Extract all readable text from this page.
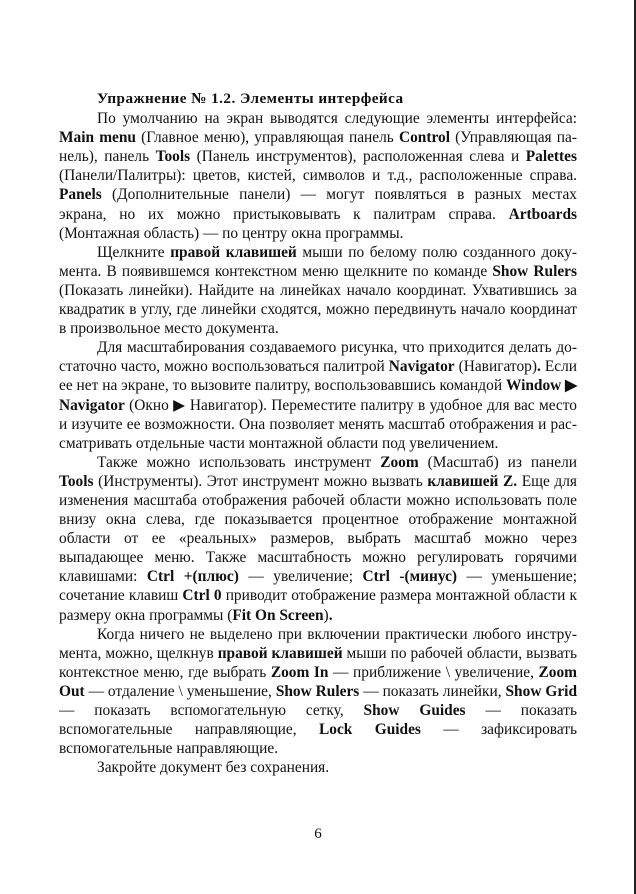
Упражнение № 1.2. Элементы интерфейса

По умолчанию на экран выводятся следующие элементы интерфейса: Main menu (Главное меню), управляющая панель Control (Управляющая панель), панель Tools (Панель инструментов), расположенная слева и Palettes (Панели/Палитры): цветов, кистей, символов и т.д., расположенные справа. Panels (Дополнительные панели) — могут появляться в разных местах экрана, но их можно пристыковывать к палитрам справа. Artboards (Монтажная область) — по центру окна программы.

Щелкните правой клавишей мыши по белому полю созданного документа. В появившемся контекстном меню щелкните по команде Show Rulers (Показать линейки). Найдите на линейках начало координат. Ухватившись за квадратик в углу, где линейки сходятся, можно передвинуть начало координат в произвольное место документа.

Для масштабирования создаваемого рисунка, что приходится делать достаточно часто, можно воспользоваться палитрой Navigator (Навигатор). Если ее нет на экране, то вызовите палитру, воспользовавшись командой Window ▶ Navigator (Окно ▶ Навигатор). Переместите палитру в удобное для вас место и изучите ее возможности. Она позволяет менять масштаб отображения и рассматривать отдельные части монтажной области под увеличением.

Также можно использовать инструмент Zoom (Масштаб) из панели Tools (Инструменты). Этот инструмент можно вызвать клавишей Z. Еще для изменения масштаба отображения рабочей области можно использовать поле внизу окна слева, где показывается процентное отображение монтажной области от ее «реальных» размеров, выбрать масштаб можно через выпадающее меню. Также масштабность можно регулировать горячими клавишами: Ctrl +(плюс) — увеличение; Ctrl -(минус) — уменьшение; сочетание клавиш Ctrl 0 приводит отображение размера монтажной области к размеру окна программы (Fit On Screen).

Когда ничего не выделено при включении практически любого инструмента, можно, щелкнув правой клавишей мыши по рабочей области, вызвать контекстное меню, где выбрать Zoom In — приближение \ увеличение, Zoom Out — отдаление \ уменьшение, Show Rulers — показать линейки, Show Grid — показать вспомогательную сетку, Show Guides — показать вспомогательные направляющие, Lock Guides — зафиксировать вспомогательные направляющие.

Закройте документ без сохранения.

6
